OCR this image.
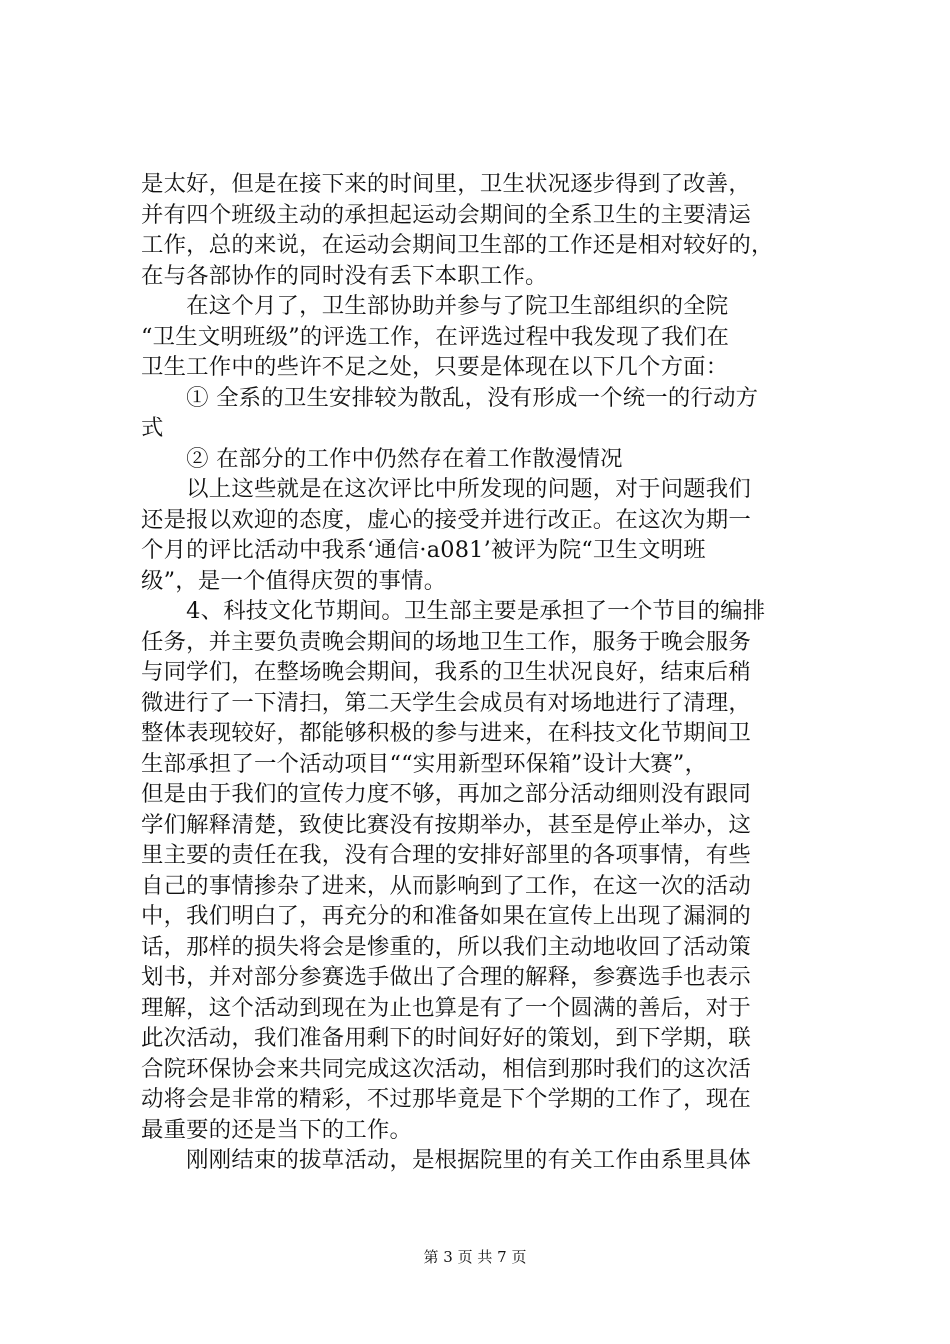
是太好，但是在接下来的时间里，卫生状况逐步得到了改善，
并有四个班级主动的承担起运动会期间的全系卫生的主要清运
工作，总的来说，在运动会期间卫生部的工作还是相对较好的，
在与各部协作的同时没有丢下本职工作。
　　在这个月了，卫生部协助并参与了院卫生部组织的全院
“卫生文明班级”的评选工作，在评选过程中我发现了我们在
卫生工作中的些许不足之处，只要是体现在以下几个方面：
　　① 全系的卫生安排较为散乱，没有形成一个统一的行动方
式
　　② 在部分的工作中仍然存在着工作散漫情况
　　以上这些就是在这次评比中所发现的问题，对于问题我们
还是报以欢迎的态度，虚心的接受并进行改正。在这次为期一
个月的评比活动中我系‘通信·a081’被评为院“卫生文明班
级”，是一个值得庆贺的事情。
　　4、科技文化节期间。卫生部主要是承担了一个节目的编排
任务，并主要负责晚会期间的场地卫生工作，服务于晚会服务
与同学们，在整场晚会期间，我系的卫生状况良好，结束后稍
微进行了一下清扫，第二天学生会成员有对场地进行了清理，
整体表现较好，都能够积极的参与进来，在科技文化节期间卫
生部承担了一个活动项目““实用新型环保箱”设计大赛”，
但是由于我们的宣传力度不够，再加之部分活动细则没有跟同
学们解释清楚，致使比赛没有按期举办，甚至是停止举办，这
里主要的责任在我，没有合理的安排好部里的各项事情，有些
自己的事情掺杂了进来，从而影响到了工作，在这一次的活动
中，我们明白了，再充分的和准备如果在宣传上出现了漏洞的
话，那样的损失将会是惨重的，所以我们主动地收回了活动策
划书，并对部分参赛选手做出了合理的解释，参赛选手也表示
理解，这个活动到现在为止也算是有了一个圆满的善后，对于
此次活动，我们准备用剩下的时间好好的策划，到下学期，联
合院环保协会来共同完成这次活动，相信到那时我们的这次活
动将会是非常的精彩，不过那毕竟是下个学期的工作了，现在
最重要的还是当下的工作。
　　刚刚结束的拔草活动，是根据院里的有关工作由系里具体
第 3 页 共 7 页
